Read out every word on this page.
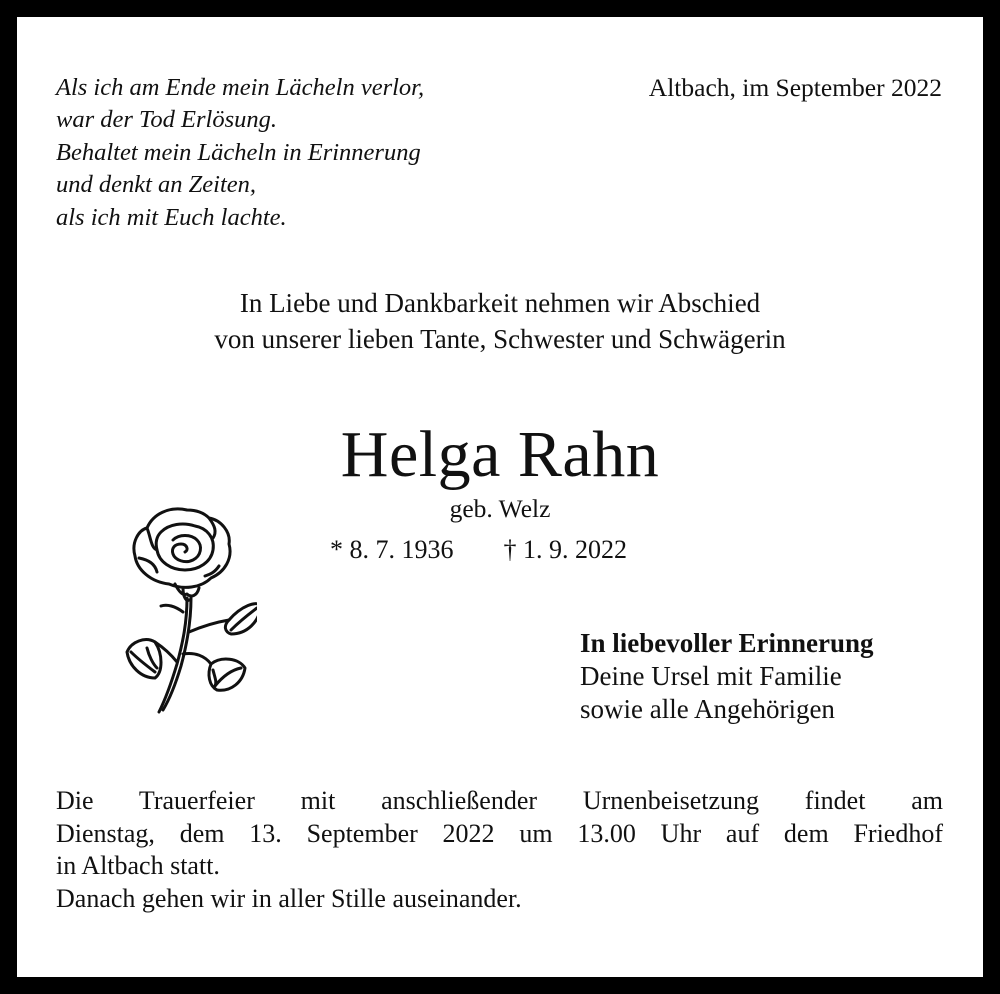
Als ich am Ende mein Lächeln verlor,
war der Tod Erlösung.
Behaltet mein Lächeln in Erinnerung
und denkt an Zeiten,
als ich mit Euch lachte.
Altbach, im September 2022
In Liebe und Dankbarkeit nehmen wir Abschied
von unserer lieben Tante, Schwester und Schwägerin
Helga Rahn
geb. Welz
* 8. 7. 1936 † 1. 9. 2022
In liebevoller Erinnerung
Deine Ursel mit Familie
sowie alle Angehörigen
Die Trauerfeier mit anschließender Urnenbeisetzung findet am
Dienstag, dem 13. September 2022 um 13.00 Uhr auf dem Friedhof
in Altbach statt.
Danach gehen wir in aller Stille auseinander.
